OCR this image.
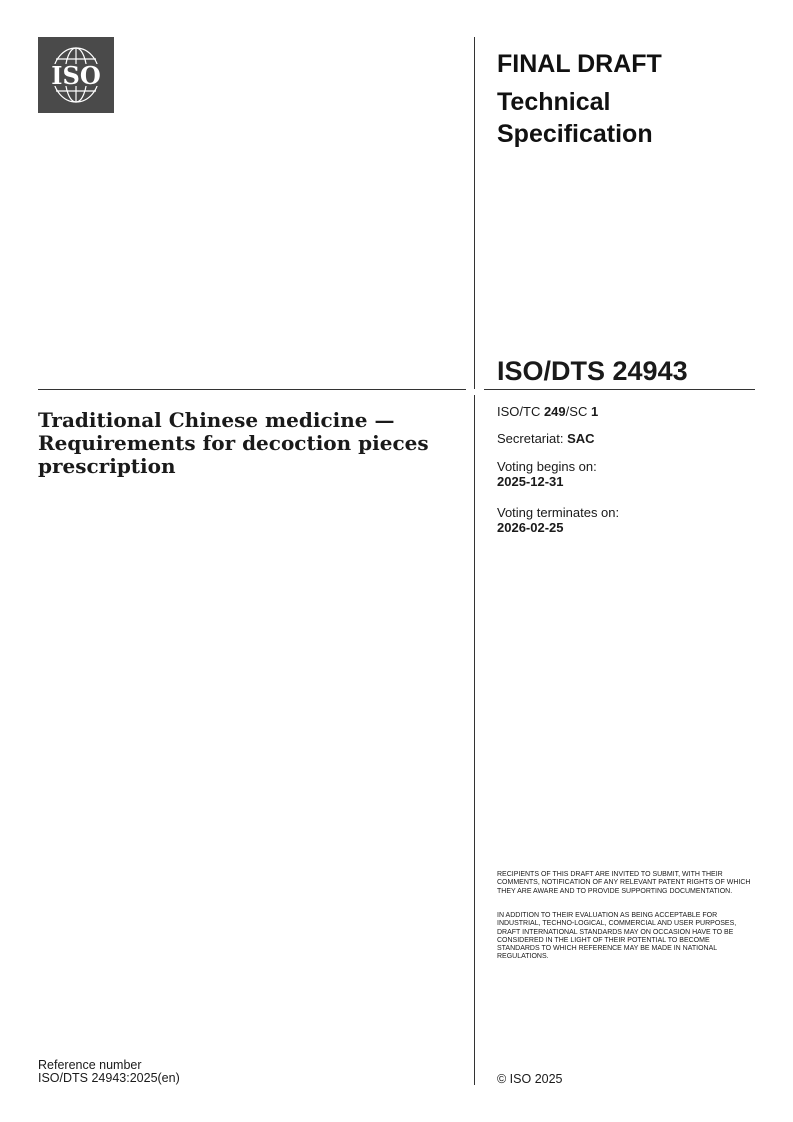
ISO	FINAL DRAFT
Technical
Specification
ISO/DTS 24943
Traditional Chinese medicine — Requirements for decoction pieces prescription
ISO/TC 249/SC 1
Secretariat: SAC
Voting begins on:
2025-12-31
Voting terminates on:
2026-02-25
RECIPIENTS OF THIS DRAFT ARE INVITED TO SUBMIT, WITH THEIR COMMENTS, NOTIFICATION OF ANY RELEVANT PATENT RIGHTS OF WHICH THEY ARE AWARE AND TO PROVIDE SUPPORTING DOCUMENTATION.
IN ADDITION TO THEIR EVALUATION AS BEING ACCEPTABLE FOR INDUSTRIAL, TECHNO-LOGICAL, COMMERCIAL AND USER PURPOSES, DRAFT INTERNATIONAL STANDARDS MAY ON OCCASION HAVE TO BE CONSIDERED IN THE LIGHT OF THEIR POTENTIAL TO BECOME STANDARDS TO WHICH REFERENCE MAY BE MADE IN NATIONAL REGULATIONS.
Reference number
ISO/DTS 24943:2025(en)	© ISO 2025
